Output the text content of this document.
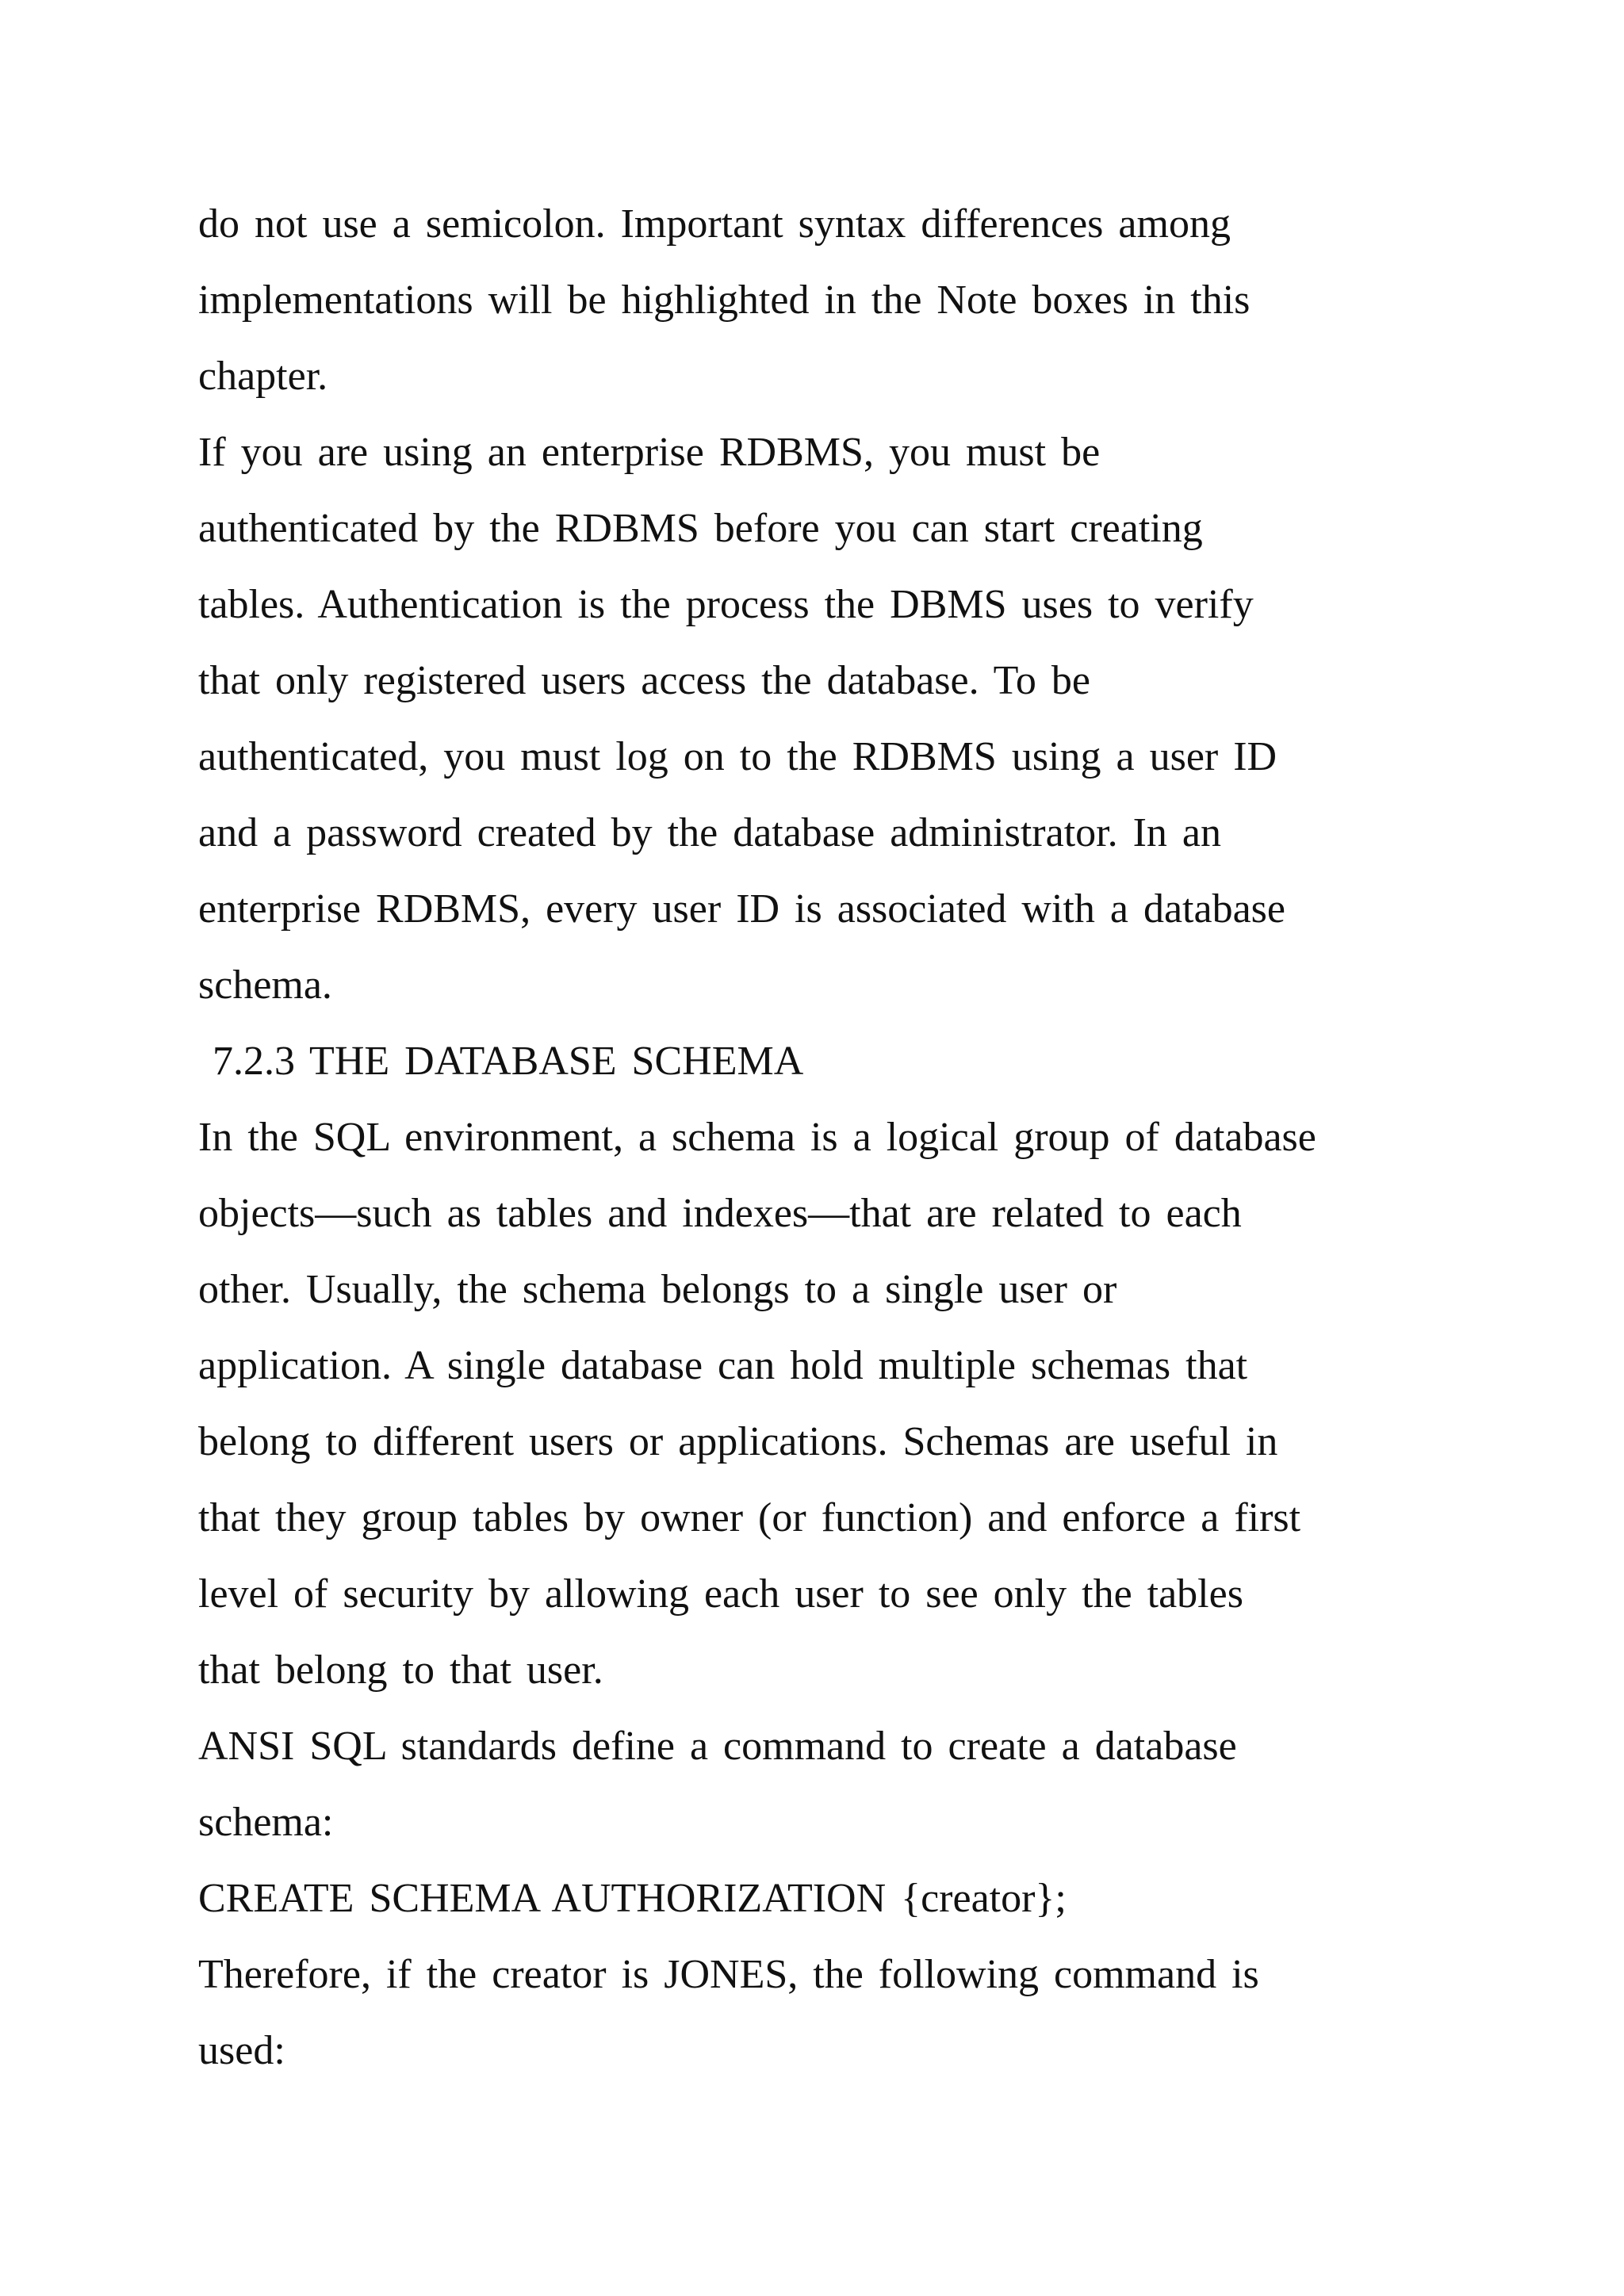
do not use a semicolon. Important syntax differences among
implementations will be highlighted in the Note boxes in this
chapter.
If you are using an enterprise RDBMS, you must be
authenticated by the RDBMS before you can start creating
tables. Authentication is the process the DBMS uses to verify
that only registered users access the database. To be
authenticated, you must log on to the RDBMS using a user ID
and a password created by the database administrator. In an
enterprise RDBMS, every user ID is associated with a database
schema.
7.2.3 THE DATABASE SCHEMA
In the SQL environment, a schema is a logical group of database
objects—such as tables and indexes—that are related to each
other. Usually, the schema belongs to a single user or
application. A single database can hold multiple schemas that
belong to different users or applications. Schemas are useful in
that they group tables by owner (or function) and enforce a first
level of security by allowing each user to see only the tables
that belong to that user.
ANSI SQL standards define a command to create a database
schema:
CREATE SCHEMA AUTHORIZATION {creator};
Therefore, if the creator is JONES, the following command is
used:
